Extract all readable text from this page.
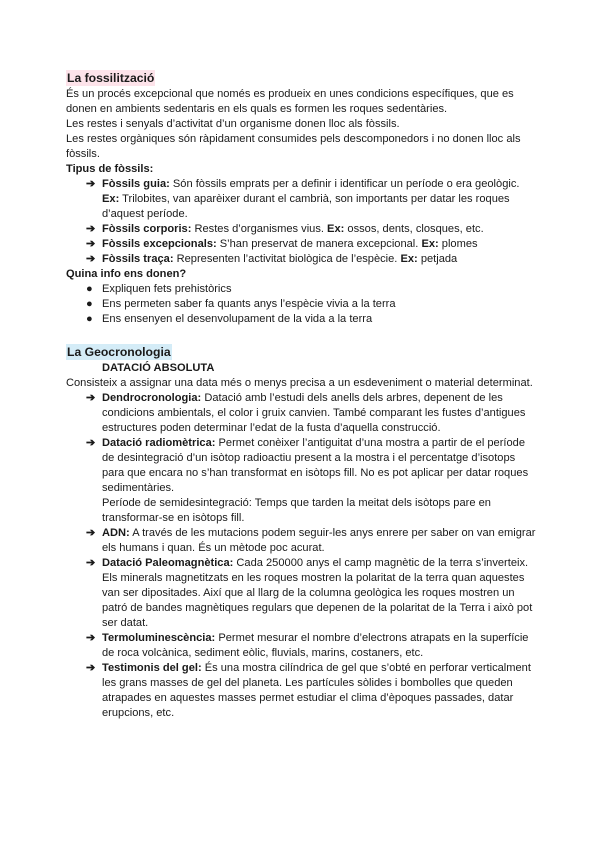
La fossilització

És un procés excepcional que només es produeix en unes condicions específiques, que es donen en ambients sedentaris en els quals es formen les roques sedentàries.

Les restes i senyals d’activitat d’un organisme donen lloc als fòssils.

Les restes orgàniques són ràpidament consumides pels descomponedors i no donen lloc als fòssils.

Tipus de fòssils:

➔ Fòssils guia: Són fòssils emprats per a definir i identificar un període o era geològic. Ex: Trilobites, van aparèixer durant el cambrià, son importants per datar les roques d’aquest període.
➔ Fòssils corporis: Restes d’organismes vius. Ex: ossos, dents, closques, etc.
➔ Fòssils excepcionals: S’han preservat de manera excepcional. Ex: plomes
➔ Fòssils traça: Representen l’activitat biològica de l’espècie. Ex: petjada

Quina info ens donen?

● Expliquen fets prehistòrics
● Ens permeten saber fa quants anys l’espècie vivia a la terra
● Ens ensenyen el desenvolupament de la vida a la terra
La Geocronologia

DATACIÓ ABSOLUTA

Consisteix a assignar una data més o menys precisa a un esdeveniment o material determinat.

➔ Dendrocronologia: Datació amb l’estudi dels anells dels arbres, depenent de les condicions ambientals, el color i gruix canvien. També comparant les fustes d’antigues estructures poden determinar l’edat de la fusta d’aquella construcció.
➔ Datació radiomètrica: Permet conèixer l’antiguitat d’una mostra a partir de el període de desintegració d’un isòtop radioactiu present a la mostra i el percentatge d’isotops para que encara no s’han transformat en isòtops fill. No es pot aplicar per datar roques sedimentàries.
Període de semidesintegració: Temps que tarden la meitat dels isòtops pare en transformar-se en isòtops fill.
➔ ADN: A través de les mutacions podem seguir-les anys enrere per saber on van emigrar els humans i quan. És un mètode poc acurat.
➔ Datació Paleomagnètica: Cada 250000 anys el camp magnètic de la terra s’inverteix. Els minerals magnetitzats en les roques mostren la polaritat de la terra quan aquestes van ser dipositades. Així que al llarg de la columna geològica les roques mostren un patró de bandes magnètiques regulars que depenen de la polaritat de la Terra i això pot ser datat.
➔ Termoluminescència: Permet mesurar el nombre d’electrons atrapats en la superfície de roca volcànica, sediment eòlic, fluvials, marins, costaners, etc.
➔ Testimonis del gel: És una mostra cilíndrica de gel que s’obté en perforar verticalment les grans masses de gel del planeta. Les partícules sòlides i bombolles que queden atrapades en aquestes masses permet estudiar el clima d’èpoques passades, datar erupcions, etc.
